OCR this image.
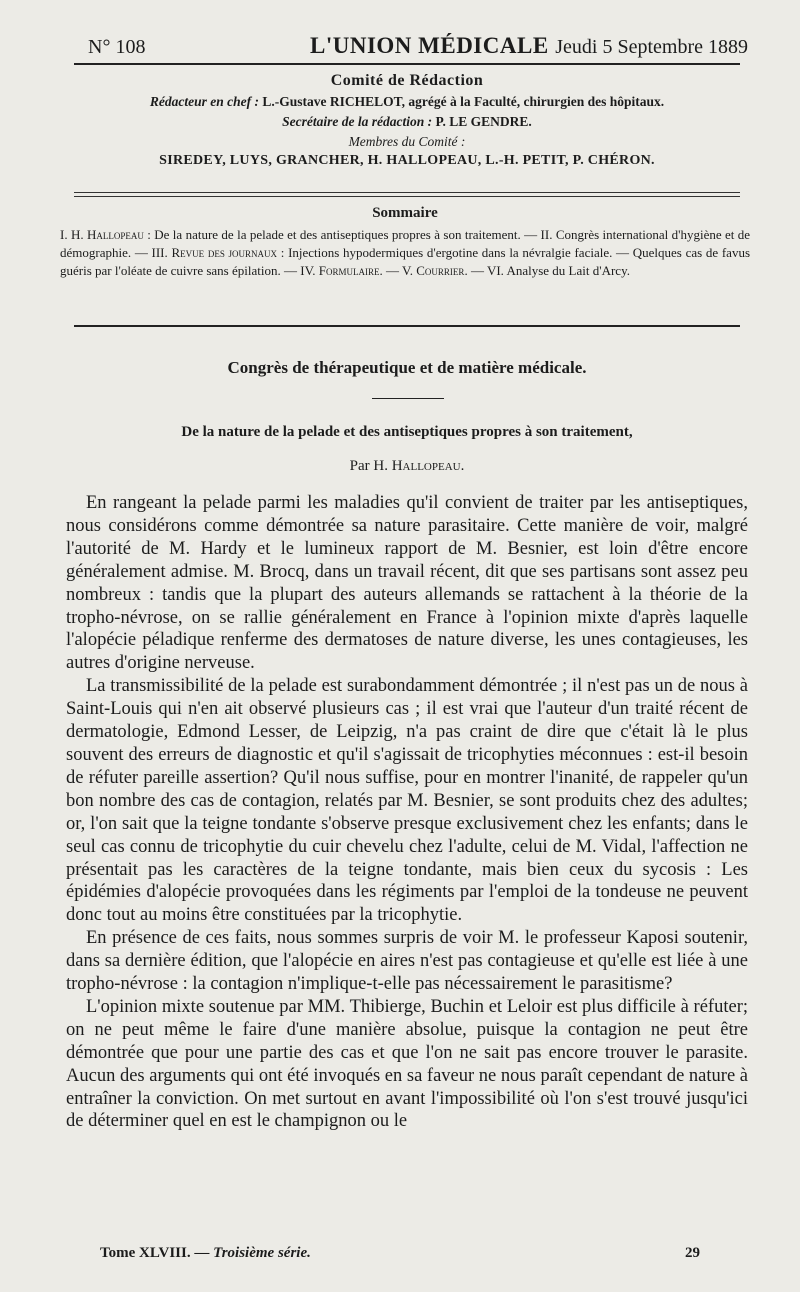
N° 108	L'UNION MÉDICALE Jeudi 5 Septembre 1889
Comité de Rédaction
Rédacteur en chef : L.-Gustave RICHELOT, agrégé à la Faculté, chirurgien des hôpitaux.
Secrétaire de la rédaction : P. LE GENDRE.
Membres du Comité :
SIREDEY, LUYS, GRANCHER, H. HALLOPEAU, L.-H. PETIT, P. CHÉRON.
Sommaire
I. H. Hallopeau : De la nature de la pelade et des antiseptiques propres à son traitement. — II. Congrès international d'hygiène et de démographie. — III. Revue des journaux : Injections hypodermiques d'ergotine dans la névralgie faciale. — Quelques cas de favus guéris par l'oléate de cuivre sans épilation. — IV. Formulaire. — V. Courrier. — VI. Analyse du Lait d'Arcy.
Congrès de thérapeutique et de matière médicale.
De la nature de la pelade et des antiseptiques propres à son traitement,
Par H. Hallopeau.

En rangeant la pelade parmi les maladies qu'il convient de traiter par les antiseptiques, nous considérons comme démontrée sa nature parasitaire. Cette manière de voir, malgré l'autorité de M. Hardy et le lumineux rapport de M. Besnier, est loin d'être encore généralement admise. M. Brocq, dans un travail récent, dit que ses partisans sont assez peu nombreux : tandis que la plupart des auteurs allemands se rattachent à la théorie de la tropho-névrose, on se rallie généralement en France à l'opinion mixte d'après laquelle l'alopécie péladique renferme des dermatoses de nature diverse, les unes contagieuses, les autres d'origine nerveuse.

La transmissibilité de la pelade est surabondamment démontrée ; il n'est pas un de nous à Saint-Louis qui n'en ait observé plusieurs cas ; il est vrai que l'auteur d'un traité récent de dermatologie, Edmond Lesser, de Leipzig, n'a pas craint de dire que c'était là le plus souvent des erreurs de diagnostic et qu'il s'agissait de tricophyties méconnues : est-il besoin de réfuter pareille assertion? Qu'il nous suffise, pour en montrer l'inanité, de rappeler qu'un bon nombre des cas de contagion, relatés par M. Besnier, se sont produits chez des adultes; or, l'on sait que la teigne tondante s'observe presque exclusivement chez les enfants; dans le seul cas connu de tricophytie du cuir chevelu chez l'adulte, celui de M. Vidal, l'affection ne présentait pas les caractères de la teigne tondante, mais bien ceux du sycosis : Les épidémies d'alopécie provoquées dans les régiments par l'emploi de la tondeuse ne peuvent donc tout au moins être constituées par la tricophytie.

En présence de ces faits, nous sommes surpris de voir M. le professeur Kaposi soutenir, dans sa dernière édition, que l'alopécie en aires n'est pas contagieuse et qu'elle est liée à une tropho-névrose : la contagion n'implique-t-elle pas nécessairement le parasitisme?

L'opinion mixte soutenue par MM. Thibierge, Buchin et Leloir est plus difficile à réfuter; on ne peut même le faire d'une manière absolue, puisque la contagion ne peut être démontrée que pour une partie des cas et que l'on ne sait pas encore trouver le parasite. Aucun des arguments qui ont été invoqués en sa faveur ne nous paraît cependant de nature à entraîner la conviction. On met surtout en avant l'impossibilité où l'on s'est trouvé jusqu'ici de déterminer quel en est le champignon ou le

Tome XLVIII. — Troisième série.	29
